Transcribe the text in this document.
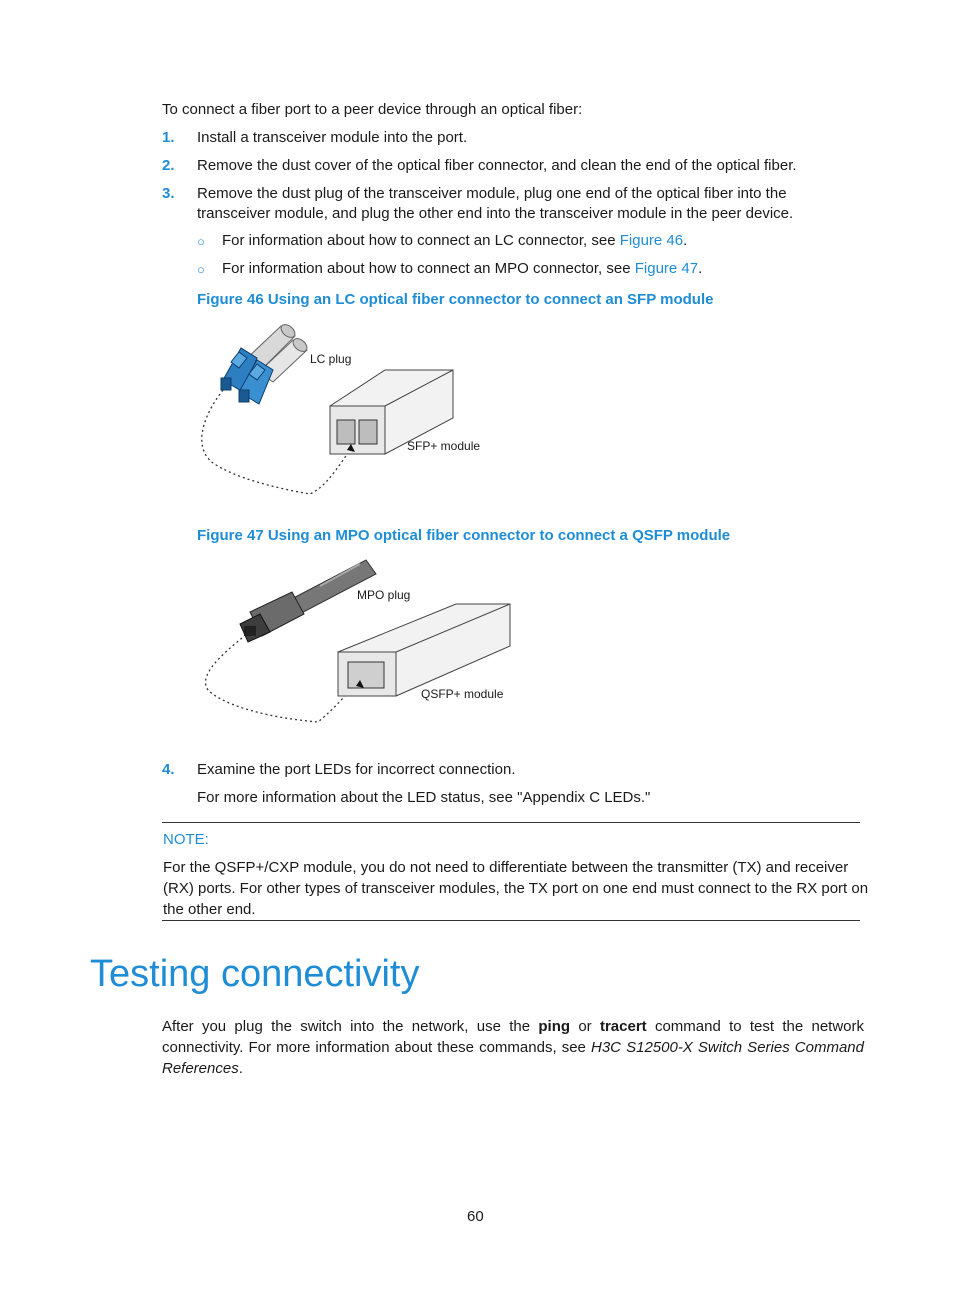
To connect a fiber port to a peer device through an optical fiber:
1. Install a transceiver module into the port.
2. Remove the dust cover of the optical fiber connector, and clean the end of the optical fiber.
3. Remove the dust plug of the transceiver module, plug one end of the optical fiber into the
transceiver module, and plug the other end into the transceiver module in the peer device.
○ For information about how to connect an LC connector, see Figure 46.
○ For information about how to connect an MPO connector, see Figure 47.
Figure 46 Using an LC optical fiber connector to connect an SFP module
LC plug
SFP+ module
Figure 47 Using an MPO optical fiber connector to connect a QSFP module
MPO plug
QSFP+ module
4. Examine the port LEDs for incorrect connection.
For more information about the LED status, see "Appendix C LEDs."
NOTE:
For the QSFP+/CXP module, you do not need to differentiate between the transmitter (TX) and receiver
(RX) ports. For other types of transceiver modules, the TX port on one end must connect to the RX port on
the other end.
Testing connectivity
After you plug the switch into the network, use the ping or tracert command to test the network connectivity. For more information about these commands, see H3C S12500-X Switch Series Command References.
60
